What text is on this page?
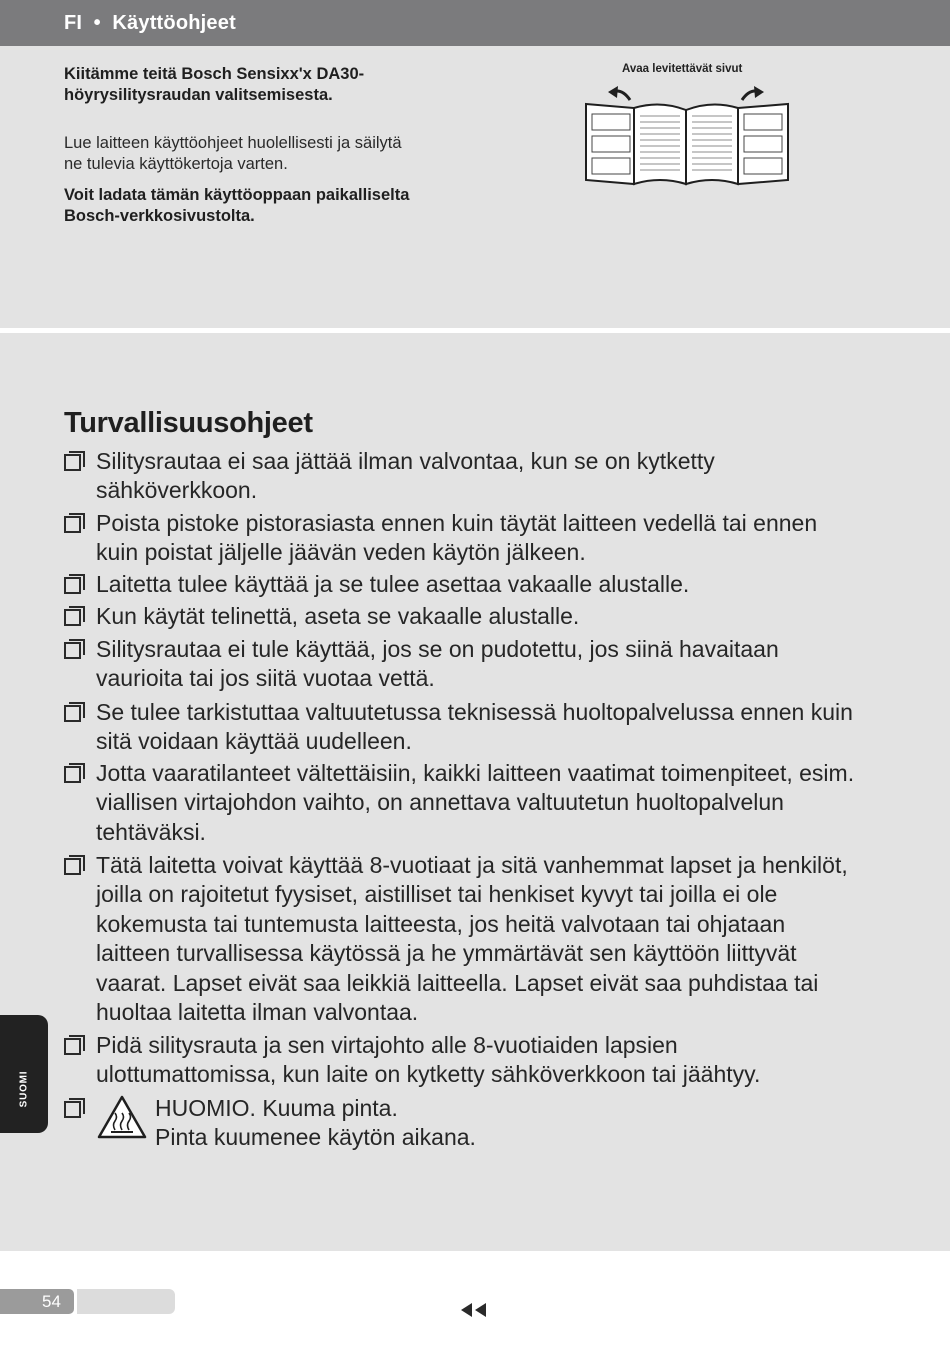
FI  •  Käyttöohjeet
Kiitämme teitä Bosch Sensixx'x DA30-
höyrysilitysraudan valitsemisesta.
Lue laitteen käyttöohjeet huolellisesti ja säilytä
ne tulevia käyttökertoja varten.
Voit ladata tämän käyttöoppaan paikalliselta
Bosch-verkkosivustolta.
Avaa levitettävät sivut
Turvallisuusohjeet
Silitysrautaa ei saa jättää ilman valvontaa, kun se on kytketty
sähköverkkoon.
Poista pistoke pistorasiasta ennen kuin täytät laitteen vedellä tai ennen
kuin poistat jäljelle jäävän veden käytön jälkeen.
Laitetta tulee käyttää ja se tulee asettaa vakaalle alustalle.
Kun käytät telinettä, aseta se vakaalle alustalle.
Silitysrautaa ei tule käyttää, jos se on pudotettu, jos siinä havaitaan
vaurioita tai jos siitä vuotaa vettä.
Se tulee tarkistuttaa valtuutetussa teknisessä huoltopalvelussa ennen kuin
sitä voidaan käyttää uudelleen.
Jotta vaaratilanteet vältettäisiin, kaikki laitteen vaatimat toimenpiteet, esim.
viallisen virtajohdon vaihto, on annettava valtuutetun huoltopalvelun
tehtäväksi.
Tätä laitetta voivat käyttää 8-vuotiaat ja sitä vanhemmat lapset ja henkilöt,
joilla on rajoitetut fyysiset, aistilliset tai henkiset kyvyt tai joilla ei ole
kokemusta tai tuntemusta laitteesta, jos heitä valvotaan tai ohjataan
laitteen turvallisessa käytössä ja he ymmärtävät sen käyttöön liittyvät
vaarat. Lapset eivät saa leikkiä laitteella. Lapset eivät saa puhdistaa tai
huoltaa laitetta ilman valvontaa.
Pidä silitysrauta ja sen virtajohto alle 8-vuotiaiden lapsien
ulottumattomissa, kun laite on kytketty sähköverkkoon tai jäähtyy.
HUOMIO. Kuuma pinta.
Pinta kuumenee käytön aikana.
SUOMI
54
